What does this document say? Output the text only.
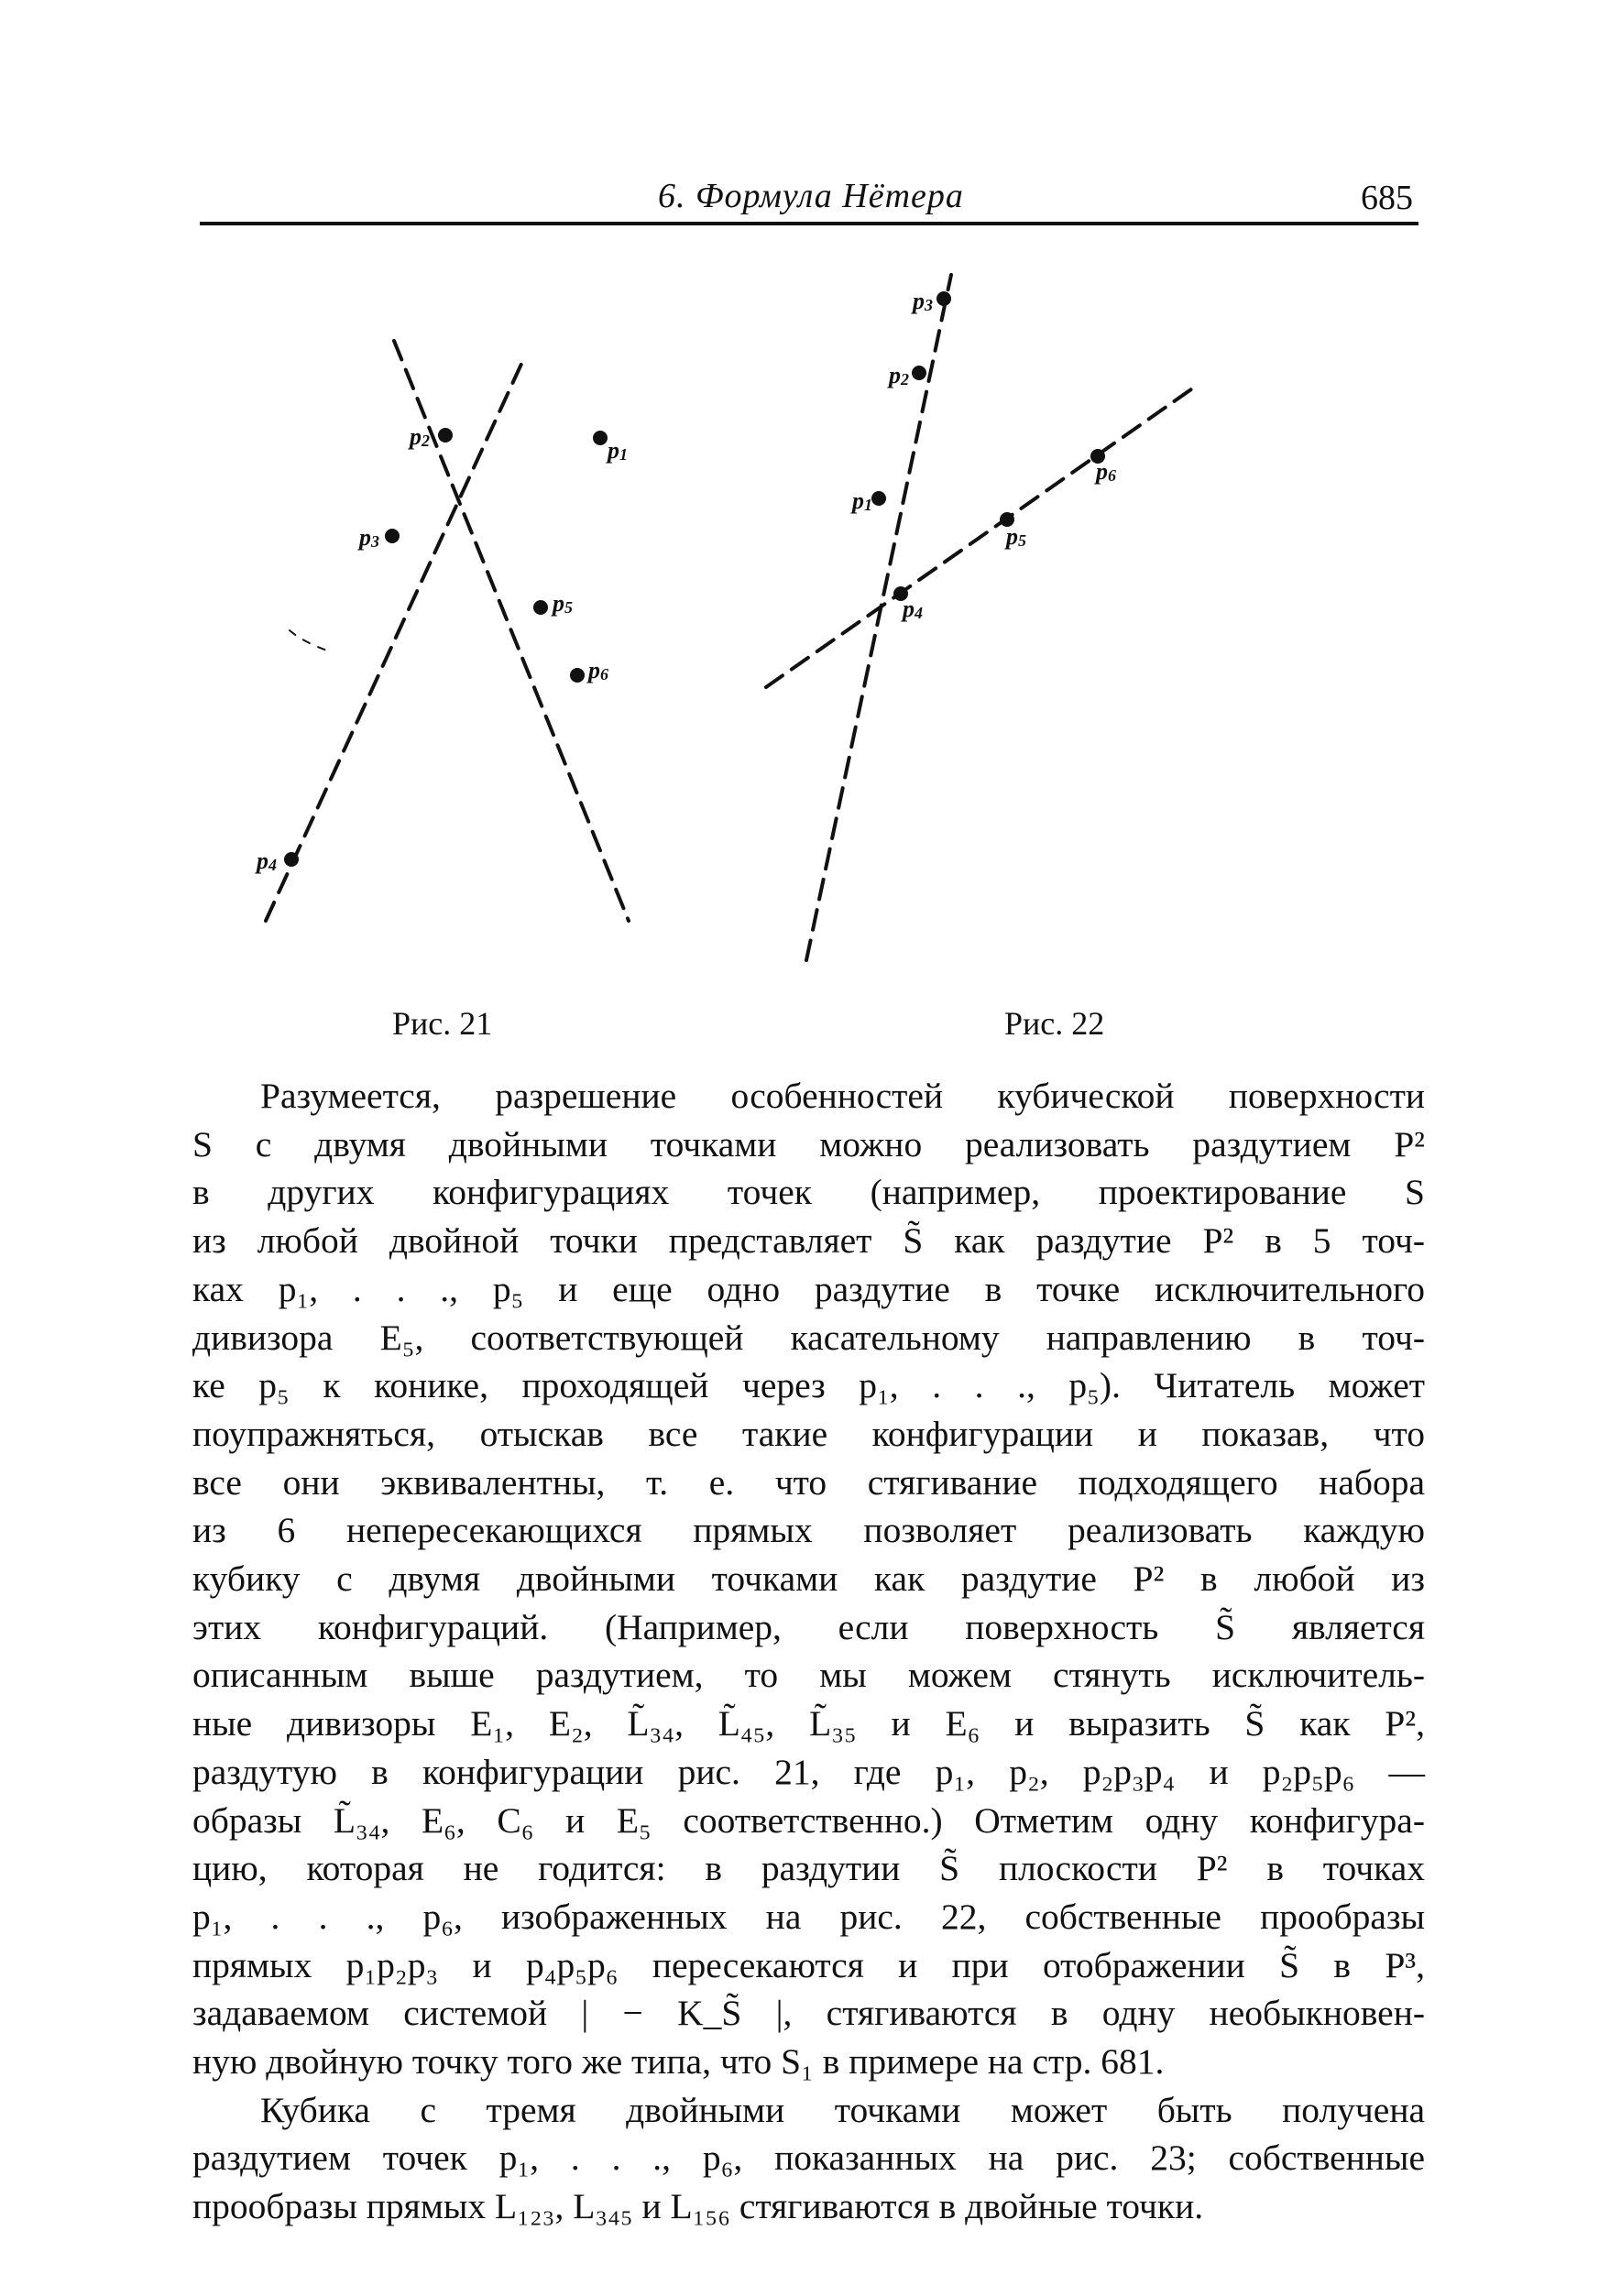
6. Формула Нётера	685
p2	p1
p3
p4
p5
p6
p3
p2
p1
p4
p5
p6
Рис. 21	Рис. 22

Разумеется, разрешение особенностей кубической поверхности
S с двумя двойными точками можно реализовать раздутием P²
в других конфигурациях точек (например, проектирование S
из любой двойной точки представляет S̃ как раздутие P² в 5 точ-
ках p₁, . . ., p₅ и еще одно раздутие в точке исключительного
дивизора E₅, соответствующей касательному направлению в точ-
ке p₅ к конике, проходящей через p₁, . . ., p₅). Читатель может
поупражняться, отыскав все такие конфигурации и показав, что
все они эквивалентны, т. е. что стягивание подходящего набора
из 6 непересекающихся прямых позволяет реализовать каждую
кубику с двумя двойными точками как раздутие P² в любой из
этих конфигураций. (Например, если поверхность S̃ является
описанным выше раздутием, то мы можем стянуть исключитель-
ные дивизоры E₁, E₂, L̃₃₄, L̃₄₅, L̃₃₅ и E₆ и выразить S̃ как P²,
раздутую в конфигурации рис. 21, где p₁, p₂, p₂p₃p₄ и p₂p₅p₆ —
образы L̃₃₄, E₆, C₆ и E₅ соответственно.) Отметим одну конфигура-
цию, которая не годится: в раздутии S̃ плоскости P² в точках
p₁, . . ., p₆, изображенных на рис. 22, собственные прообразы
прямых p₁p₂p₃ и p₄p₅p₆ пересекаются и при отображении S̃ в P³,
задаваемом системой | − K_S̃ |, стягиваются в одну необыкновен-
ную двойную точку того же типа, что S₁ в примере на стр. 681.

Кубика с тремя двойными точками может быть получена
раздутием точек p₁, . . ., p₆, показанных на рис. 23; собственные
прообразы прямых L₁₂₃, L₃₄₅ и L₁₅₆ стягиваются в двойные точки.
